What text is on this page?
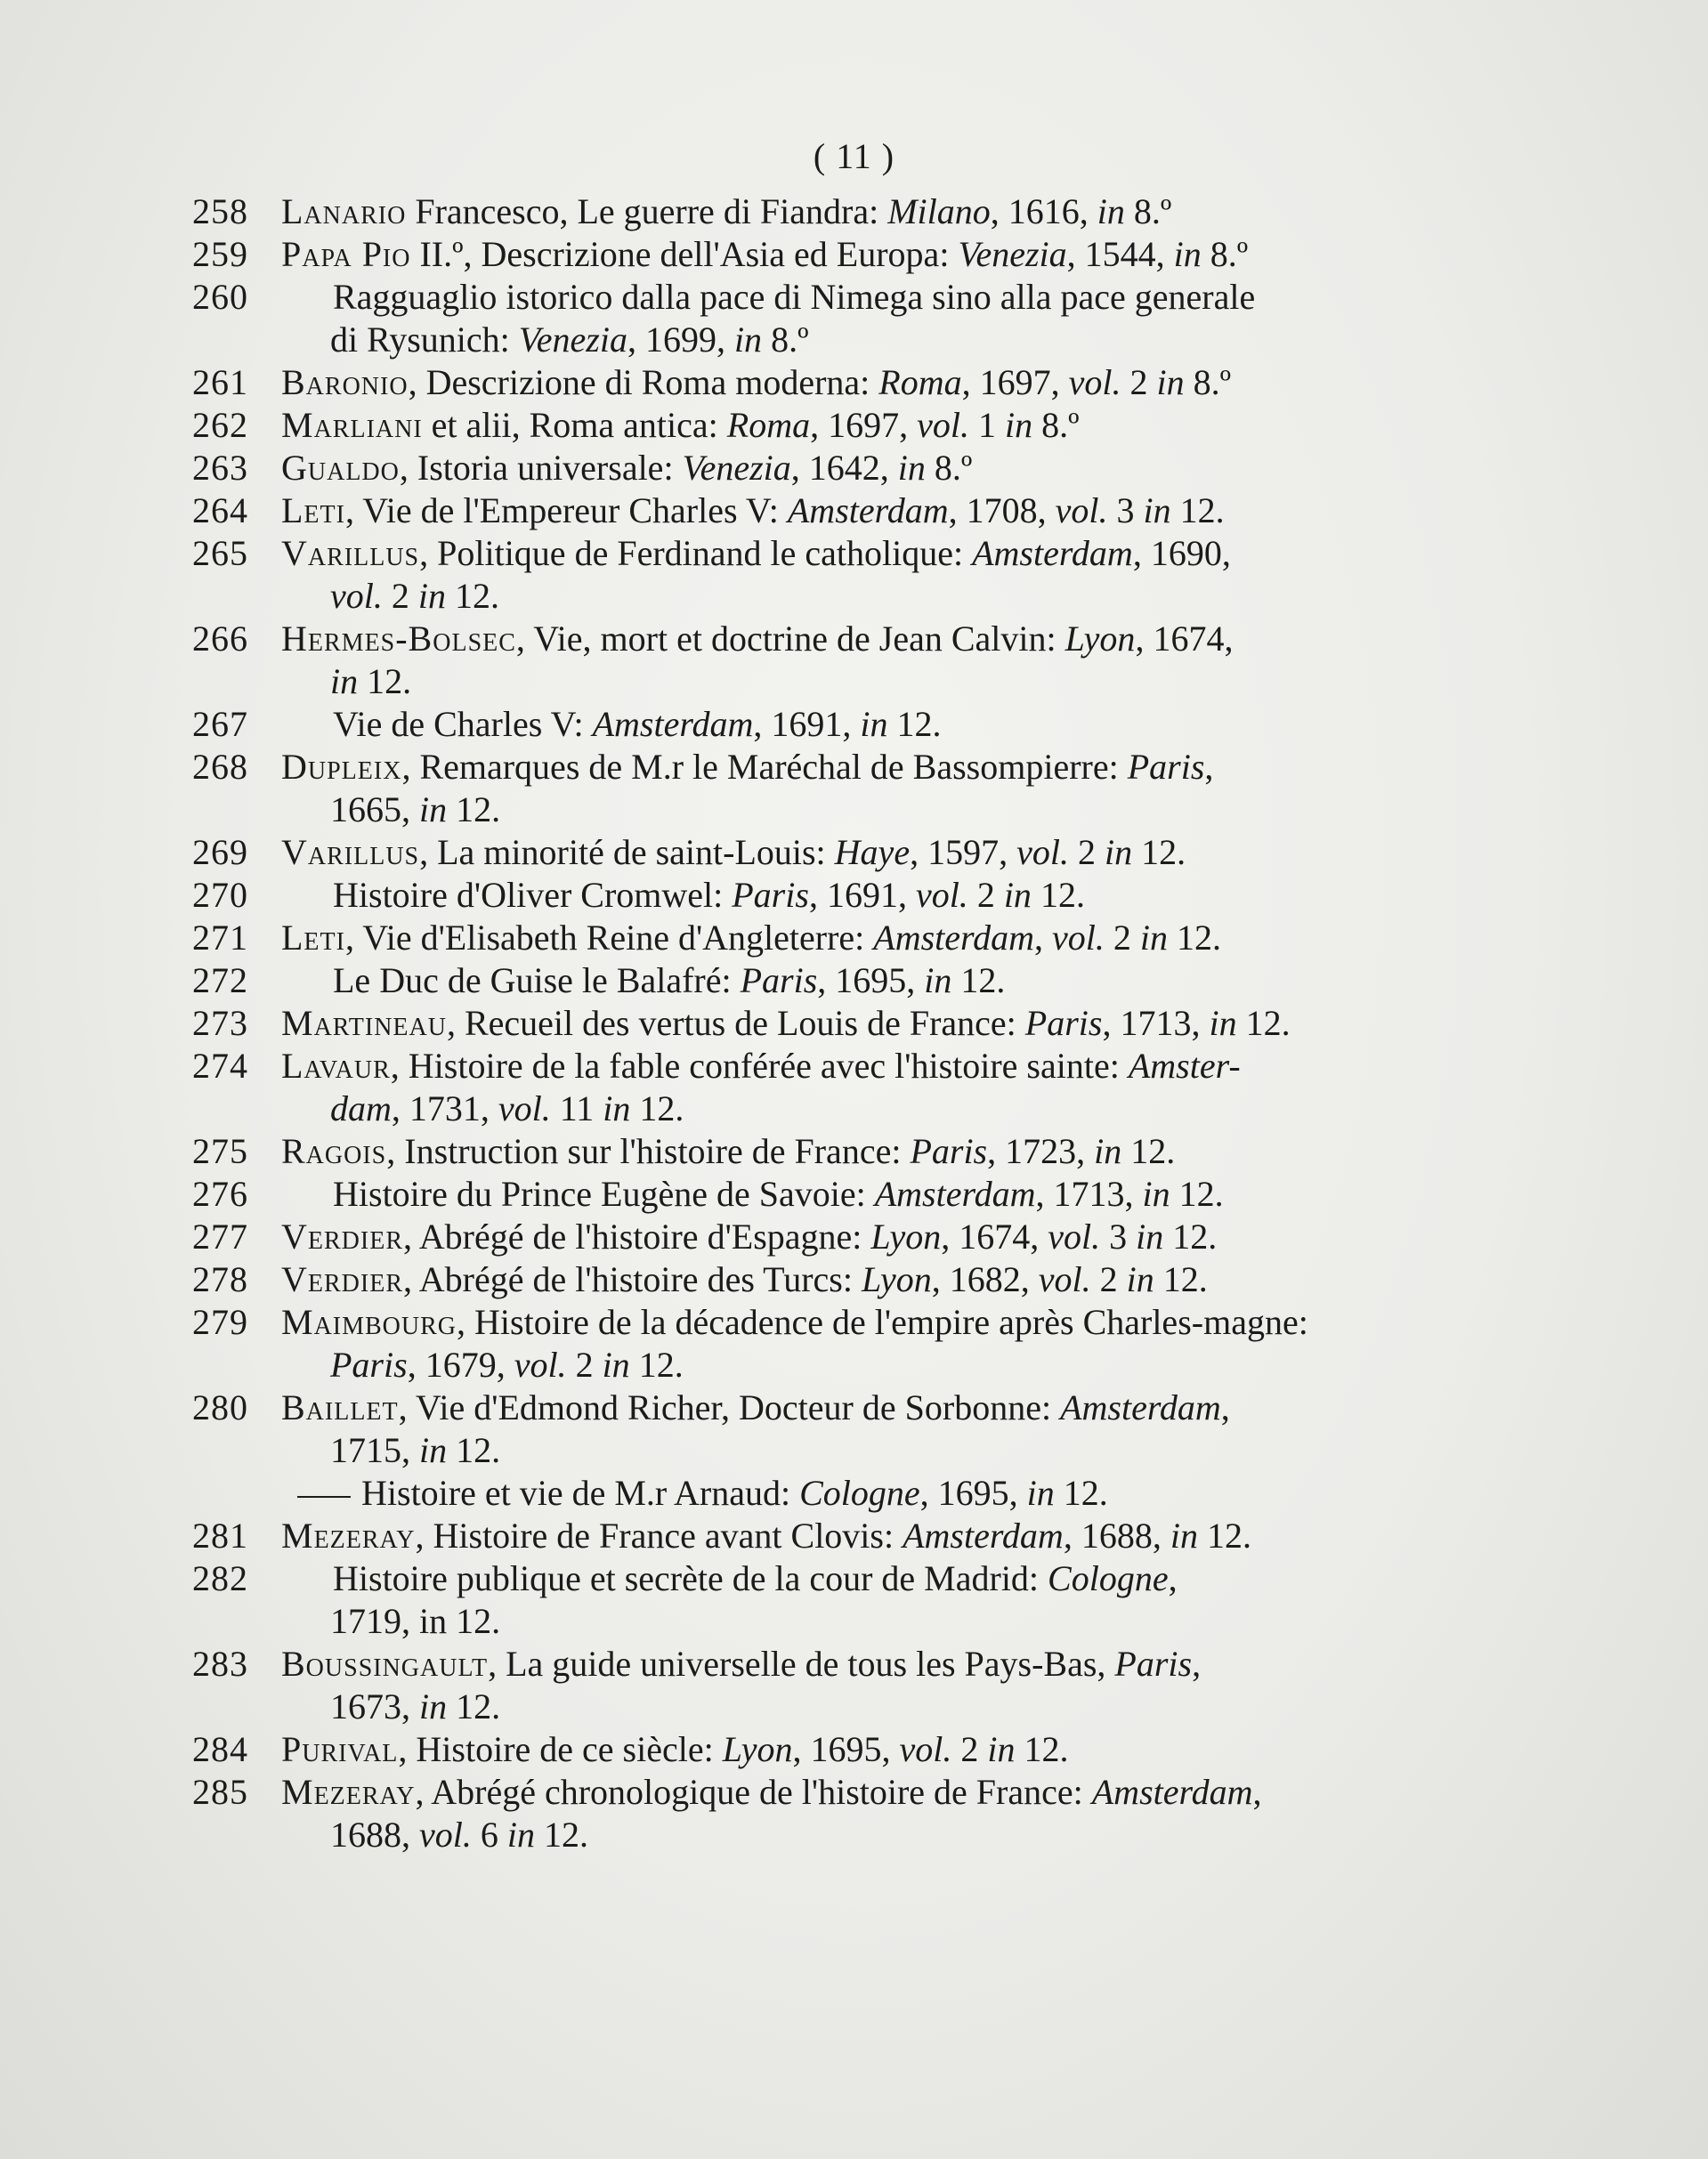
( 11 )
258 Lanario Francesco, Le guerre di Fiandra: Milano, 1616, in 8.º
259 Papa Pio II.º, Descrizione dell'Asia ed Europa: Venezia, 1544, in 8.º
260	Ragguaglio istorico dalla pace di Nimega sino alla pace generale
di Rysunich: Venezia, 1699, in 8.º
261 Baronio, Descrizione di Roma moderna: Roma, 1697, vol. 2 in 8.º
262 Marliani et alii, Roma antica: Roma, 1697, vol. 1 in 8.º
263 Gualdo, Istoria universale: Venezia, 1642, in 8.º
264 Leti, Vie de l'Empereur Charles V: Amsterdam, 1708, vol. 3 in 12.
265 Varillus, Politique de Ferdinand le catholique: Amsterdam, 1690,
vol. 2 in 12.
266 Hermes-Bolsec, Vie, mort et doctrine de Jean Calvin: Lyon, 1674,
in 12.
267	Vie de Charles V: Amsterdam, 1691, in 12.
268 Dupleix, Remarques de M.r le Maréchal de Bassompierre: Paris,
1665, in 12.
269 Varillus, La minorité de saint-Louis: Haye, 1597, vol. 2 in 12.
270	Histoire d'Oliver Cromwel: Paris, 1691, vol. 2 in 12.
271 Leti, Vie d'Elisabeth Reine d'Angleterre: Amsterdam, vol. 2 in 12.
272	Le Duc de Guise le Balafré: Paris, 1695, in 12.
273 Martineau, Recueil des vertus de Louis de France: Paris, 1713, in 12.
274 Lavaur, Histoire de la fable conférée avec l'histoire sainte: Amster-
dam, 1731, vol. 11 in 12.
275 Ragois, Instruction sur l'histoire de France: Paris, 1723, in 12.
276	Histoire du Prince Eugène de Savoie: Amsterdam, 1713, in 12.
277 Verdier, Abrégé de l'histoire d'Espagne: Lyon, 1674, vol. 3 in 12.
278 Verdier, Abrégé de l'histoire des Turcs: Lyon, 1682, vol. 2 in 12.
279 Maimbourg, Histoire de la décadence de l'empire après Charles-magne:
Paris, 1679, vol. 2 in 12.
280 Baillet, Vie d'Edmond Richer, Docteur de Sorbonne: Amsterdam,
1715, in 12.
Histoire et vie de M.r Arnaud: Cologne, 1695, in 12.
281 Mezeray, Histoire de France avant Clovis: Amsterdam, 1688, in 12.
282	Histoire publique et secrète de la cour de Madrid: Cologne,
1719, in 12.
283 Boussingault, La guide universelle de tous les Pays-Bas, Paris,
1673, in 12.
284 Purival, Histoire de ce siècle: Lyon, 1695, vol. 2 in 12.
285 Mezeray, Abrégé chronologique de l'histoire de France: Amsterdam,
1688, vol. 6 in 12.
